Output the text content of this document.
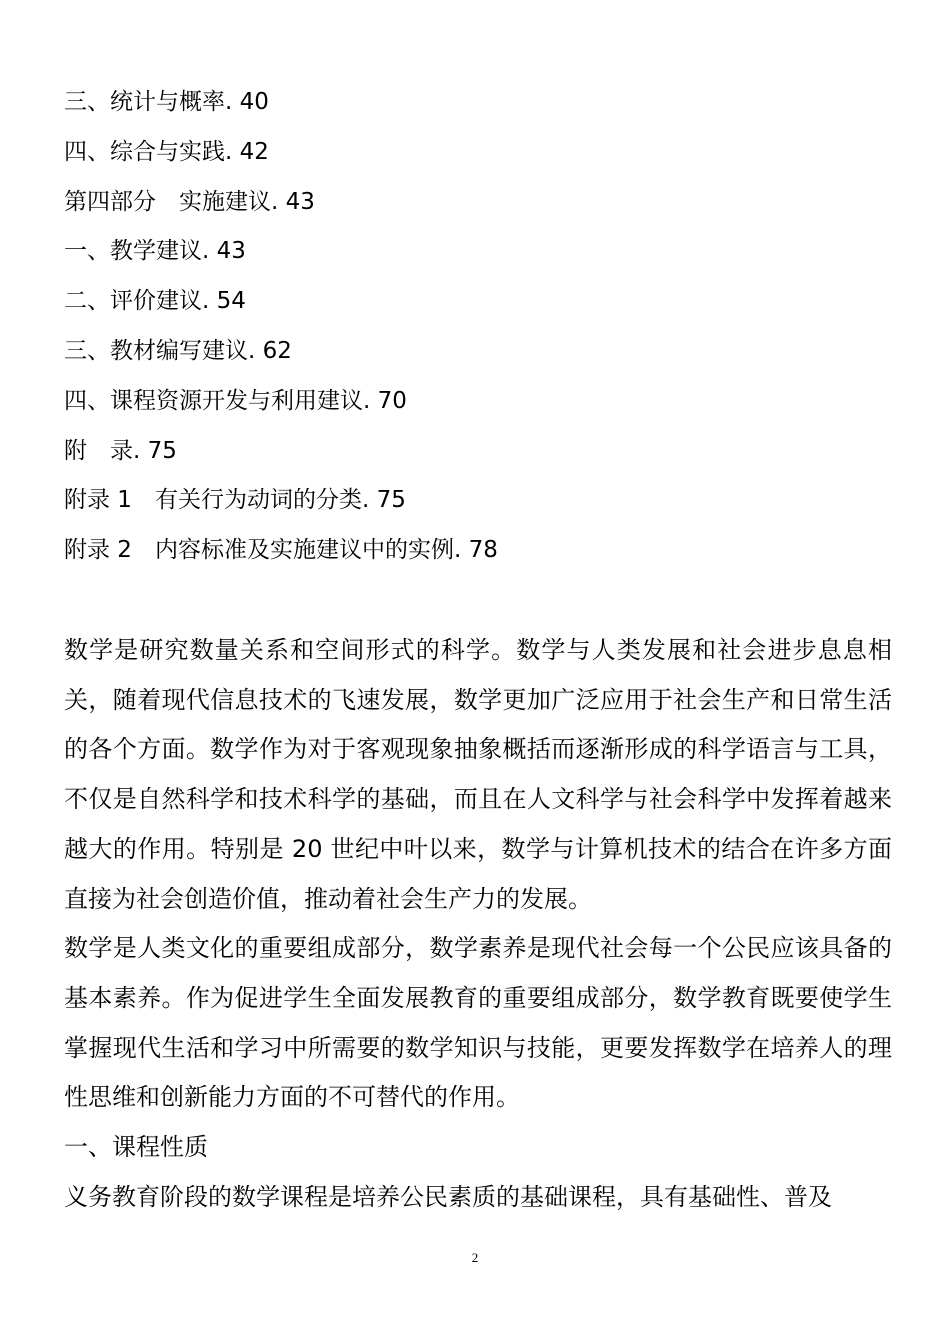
三、统计与概率. 40
四、综合与实践. 42
第四部分　实施建议. 43
一、教学建议. 43
二、评价建议. 54
三、教材编写建议. 62
四、课程资源开发与利用建议. 70
附　录. 75
附录 1　有关行为动词的分类. 75
附录 2　内容标准及实施建议中的实例. 78

数学是研究数量关系和空间形式的科学。数学与人类发展和社会进步息息相关，随着现代信息技术的飞速发展，数学更加广泛应用于社会生产和日常生活的各个方面。数学作为对于客观现象抽象概括而逐渐形成的科学语言与工具，不仅是自然科学和技术科学的基础，而且在人文科学与社会科学中发挥着越来越大的作用。特别是 20 世纪中叶以来，数学与计算机技术的结合在许多方面直接为社会创造价值，推动着社会生产力的发展。

数学是人类文化的重要组成部分，数学素养是现代社会每一个公民应该具备的基本素养。作为促进学生全面发展教育的重要组成部分，数学教育既要使学生掌握现代生活和学习中所需要的数学知识与技能，更要发挥数学在培养人的理性思维和创新能力方面的不可替代的作用。

一、课程性质

义务教育阶段的数学课程是培养公民素质的基础课程，具有基础性、普及

2
